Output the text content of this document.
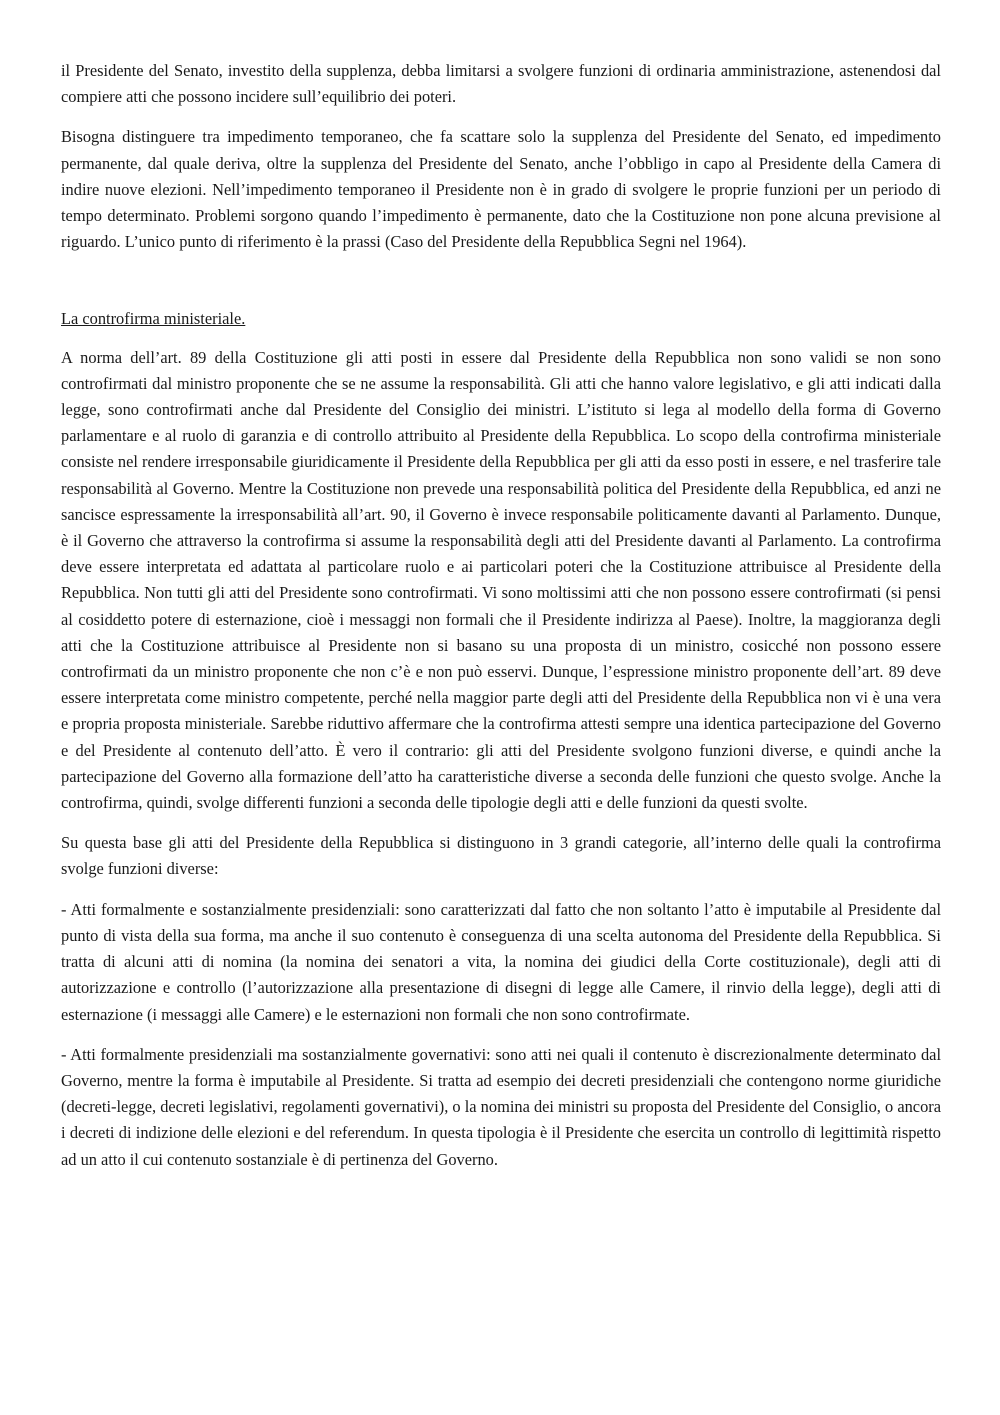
il Presidente del Senato, investito della supplenza, debba limitarsi a svolgere funzioni di ordinaria amministrazione, astenendosi dal compiere atti che possono incidere sull’equilibrio dei poteri.

Bisogna distinguere tra impedimento temporaneo, che fa scattare solo la supplenza del Presidente del Senato, ed impedimento permanente, dal quale deriva, oltre la supplenza del Presidente del Senato, anche l’obbligo in capo al Presidente della Camera di indire nuove elezioni. Nell’impedimento temporaneo il Presidente non è in grado di svolgere le proprie funzioni per un periodo di tempo determinato. Problemi sorgono quando l’impedimento è permanente, dato che la Costituzione non pone alcuna previsione al riguardo. L’unico punto di riferimento è la prassi (Caso del Presidente della Repubblica Segni nel 1964).

La controfirma ministeriale.

A norma dell’art. 89 della Costituzione gli atti posti in essere dal Presidente della Repubblica non sono validi se non sono controfirmati dal ministro proponente che se ne assume la responsabilità. Gli atti che hanno valore legislativo, e gli atti indicati dalla legge, sono controfirmati anche dal Presidente del Consiglio dei ministri. L’istituto si lega al modello della forma di Governo parlamentare e al ruolo di garanzia e di controllo attribuito al Presidente della Repubblica. Lo scopo della controfirma ministeriale consiste nel rendere irresponsabile giuridicamente il Presidente della Repubblica per gli atti da esso posti in essere, e nel trasferire tale responsabilità al Governo. Mentre la Costituzione non prevede una responsabilità politica del Presidente della Repubblica, ed anzi ne sancisce espressamente la irresponsabilità all’art. 90, il Governo è invece responsabile politicamente davanti al Parlamento. Dunque, è il Governo che attraverso la controfirma si assume la responsabilità degli atti del Presidente davanti al Parlamento. La controfirma deve essere interpretata ed adattata al particolare ruolo e ai particolari poteri che la Costituzione attribuisce al Presidente della Repubblica. Non tutti gli atti del Presidente sono controfirmati. Vi sono moltissimi atti che non possono essere controfirmati (si pensi al cosiddetto potere di esternazione, cioè i messaggi non formali che il Presidente indirizza al Paese). Inoltre, la maggioranza degli atti che la Costituzione attribuisce al Presidente non si basano su una proposta di un ministro, cosicché non possono essere controfirmati da un ministro proponente che non c’è e non può esservi. Dunque, l’espressione ministro proponente dell’art. 89 deve essere interpretata come ministro competente, perché nella maggior parte degli atti del Presidente della Repubblica non vi è una vera e propria proposta ministeriale. Sarebbe riduttivo affermare che la controfirma attesti sempre una identica partecipazione del Governo e del Presidente al contenuto dell’atto. È vero il contrario: gli atti del Presidente svolgono funzioni diverse, e quindi anche la partecipazione del Governo alla formazione dell’atto ha caratteristiche diverse a seconda delle funzioni che questo svolge. Anche la controfirma, quindi, svolge differenti funzioni a seconda delle tipologie degli atti e delle funzioni da questi svolte.

Su questa base gli atti del Presidente della Repubblica si distinguono in 3 grandi categorie, all’interno delle quali la controfirma svolge funzioni diverse:

- Atti formalmente e sostanzialmente presidenziali: sono caratterizzati dal fatto che non soltanto l’atto è imputabile al Presidente dal punto di vista della sua forma, ma anche il suo contenuto è conseguenza di una scelta autonoma del Presidente della Repubblica. Si tratta di alcuni atti di nomina (la nomina dei senatori a vita, la nomina dei giudici della Corte costituzionale), degli atti di autorizzazione e controllo (l’autorizzazione alla presentazione di disegni di legge alle Camere, il rinvio della legge), degli atti di esternazione (i messaggi alle Camere) e le esternazioni non formali che non sono controfirmate.

- Atti formalmente presidenziali ma sostanzialmente governativi: sono atti nei quali il contenuto è discrezionalmente determinato dal Governo, mentre la forma è imputabile al Presidente. Si tratta ad esempio dei decreti presidenziali che contengono norme giuridiche (decreti-legge, decreti legislativi, regolamenti governativi), o la nomina dei ministri su proposta del Presidente del Consiglio, o ancora i decreti di indizione delle elezioni e del referendum. In questa tipologia è il Presidente che esercita un controllo di legittimità rispetto ad un atto il cui contenuto sostanziale è di pertinenza del Governo.
